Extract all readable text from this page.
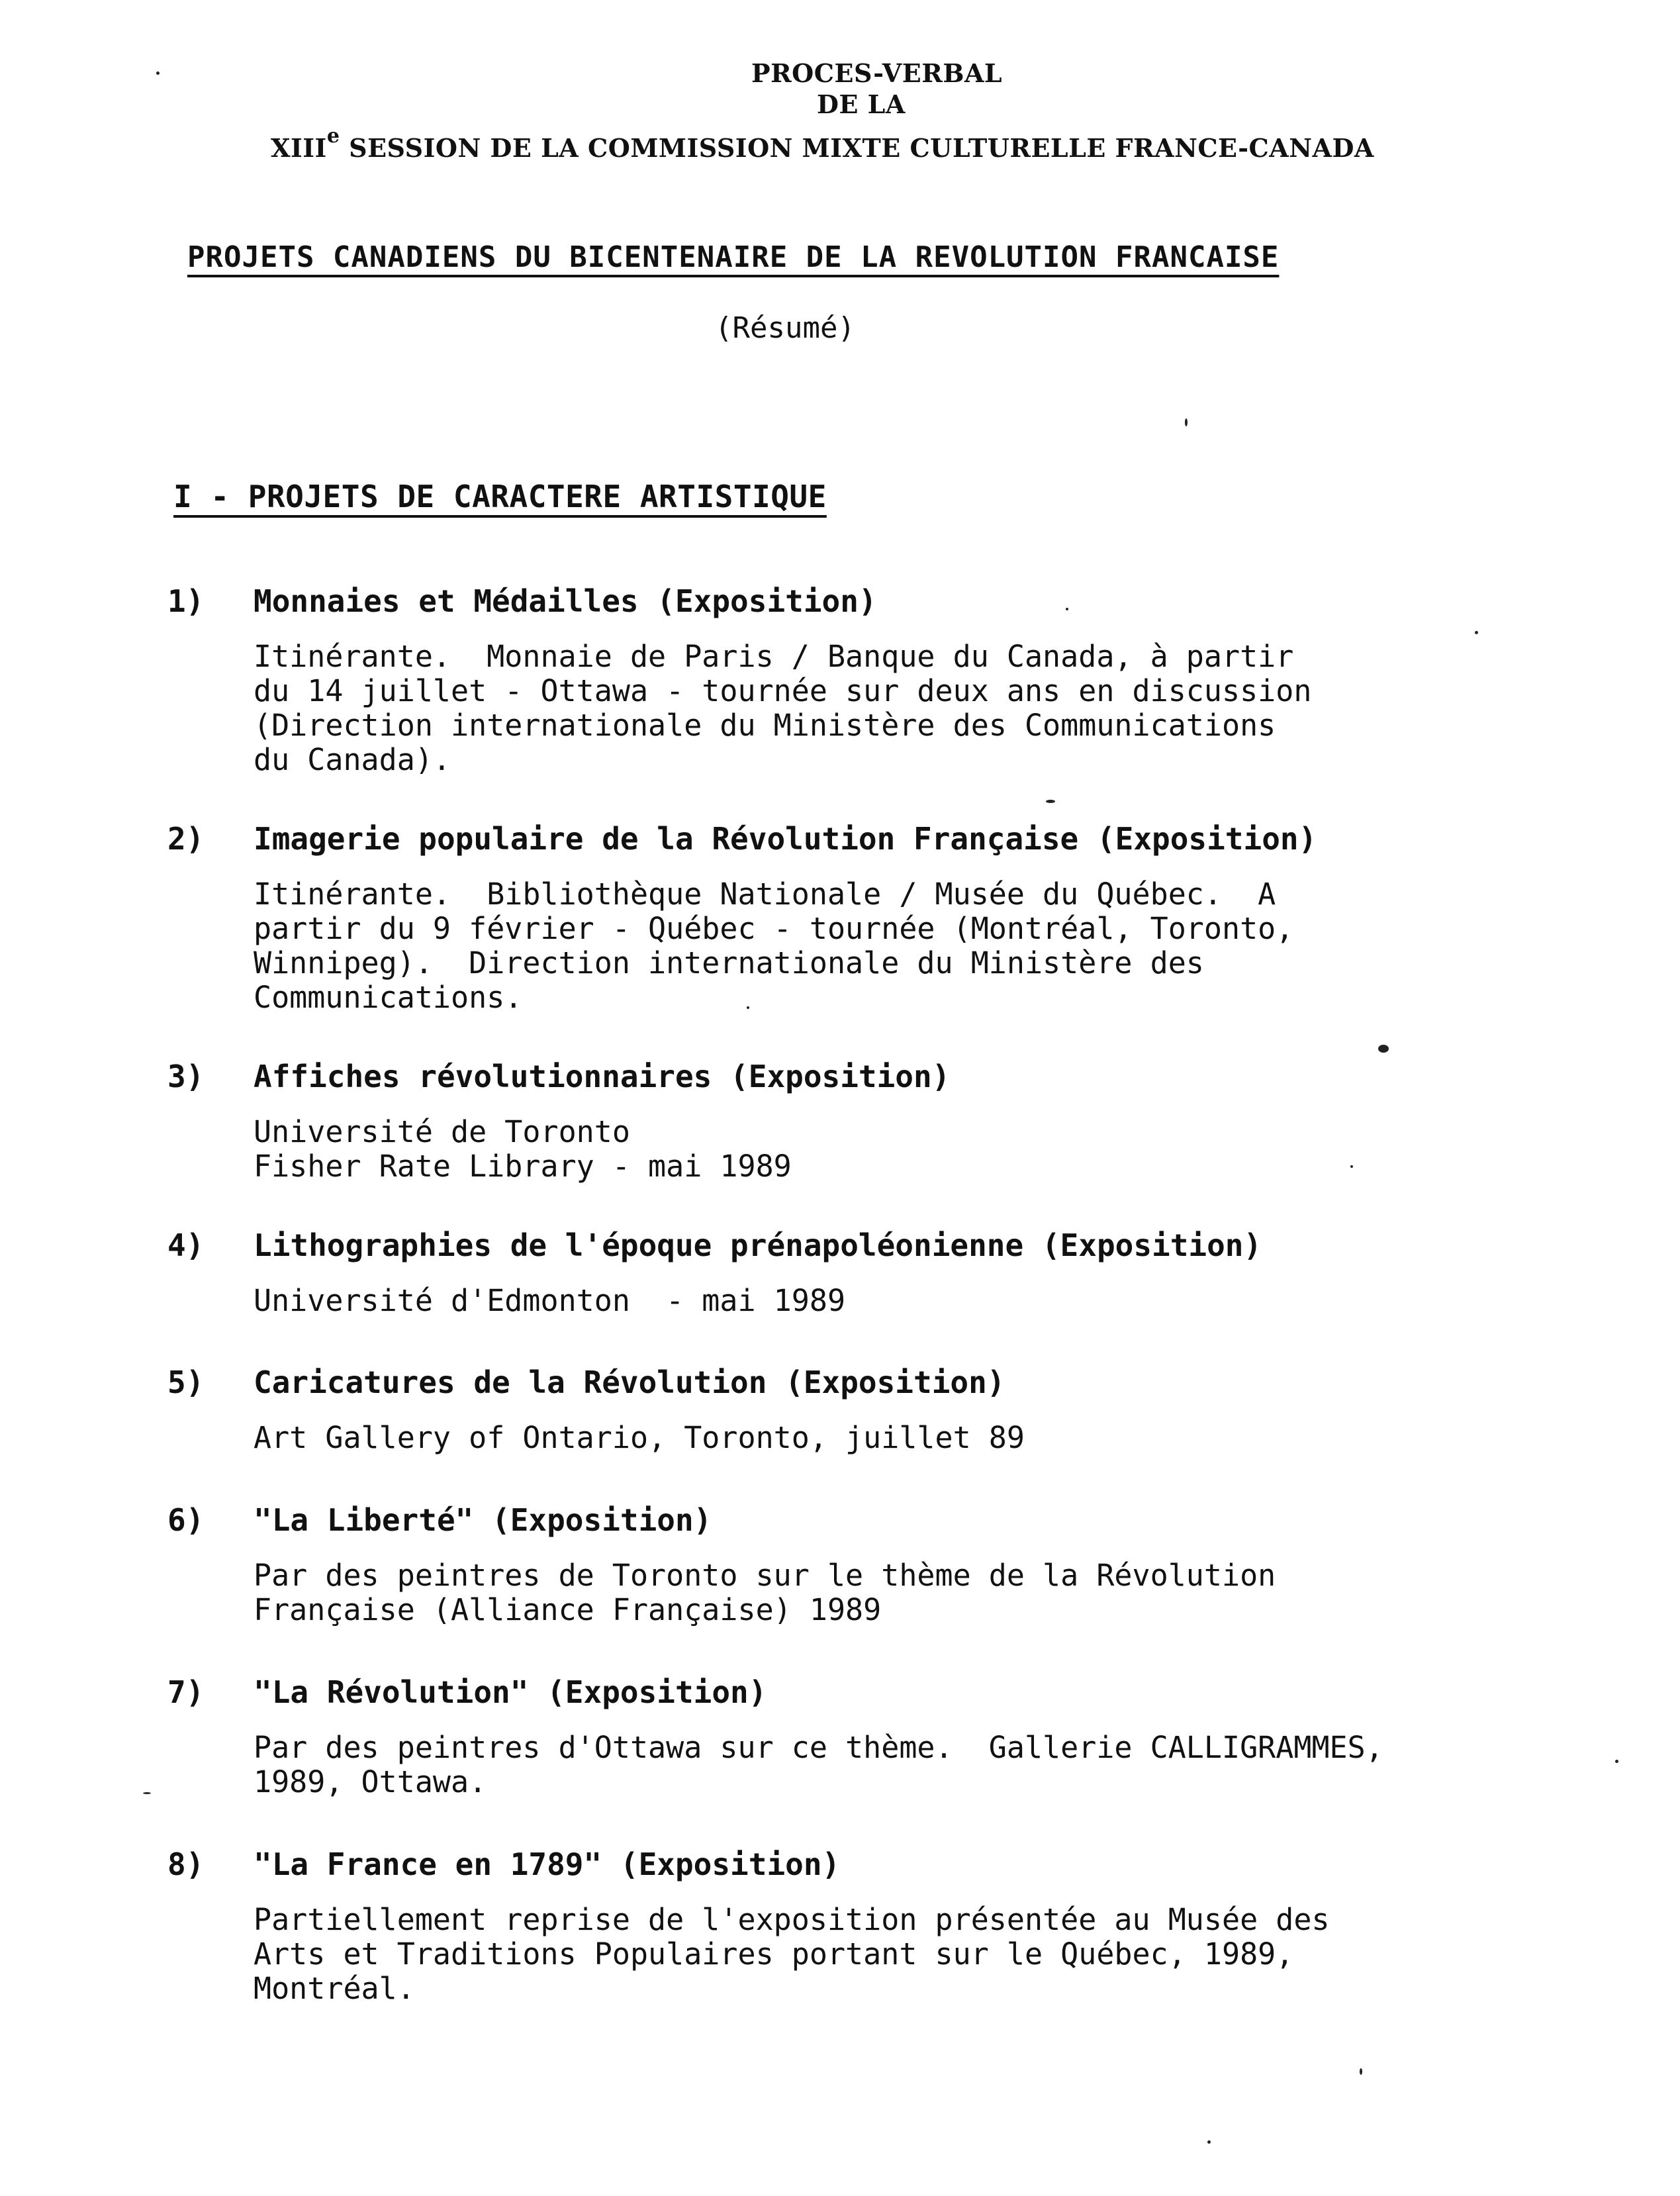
PROCES-VERBAL
DE LA
XIIIe SESSION DE LA COMMISSION MIXTE CULTURELLE FRANCE-CANADA
PROJETS CANADIENS DU BICENTENAIRE DE LA REVOLUTION FRANCAISE
(Résumé)
I - PROJETS DE CARACTERE ARTISTIQUE
1) Monnaies et Médailles (Exposition)
Itinérante.  Monnaie de Paris / Banque du Canada, à partir
du 14 juillet - Ottawa - tournée sur deux ans en discussion
(Direction internationale du Ministère des Communications
du Canada).
2) Imagerie populaire de la Révolution Française (Exposition)
Itinérante.  Bibliothèque Nationale / Musée du Québec.  A
partir du 9 février - Québec - tournée (Montréal, Toronto,
Winnipeg).  Direction internationale du Ministère des
Communications.
3) Affiches révolutionnaires (Exposition)
Université de Toronto
Fisher Rate Library - mai 1989
4) Lithographies de l'époque prénapoléonienne (Exposition)
Université d'Edmonton  - mai 1989
5) Caricatures de la Révolution (Exposition)
Art Gallery of Ontario, Toronto, juillet 89
6) "La Liberté" (Exposition)
Par des peintres de Toronto sur le thème de la Révolution
Française (Alliance Française) 1989
7) "La Révolution" (Exposition)
Par des peintres d'Ottawa sur ce thème.  Gallerie CALLIGRAMMES,
1989, Ottawa.
8) "La France en 1789" (Exposition)
Partiellement reprise de l'exposition présentée au Musée des
Arts et Traditions Populaires portant sur le Québec, 1989,
Montréal.
